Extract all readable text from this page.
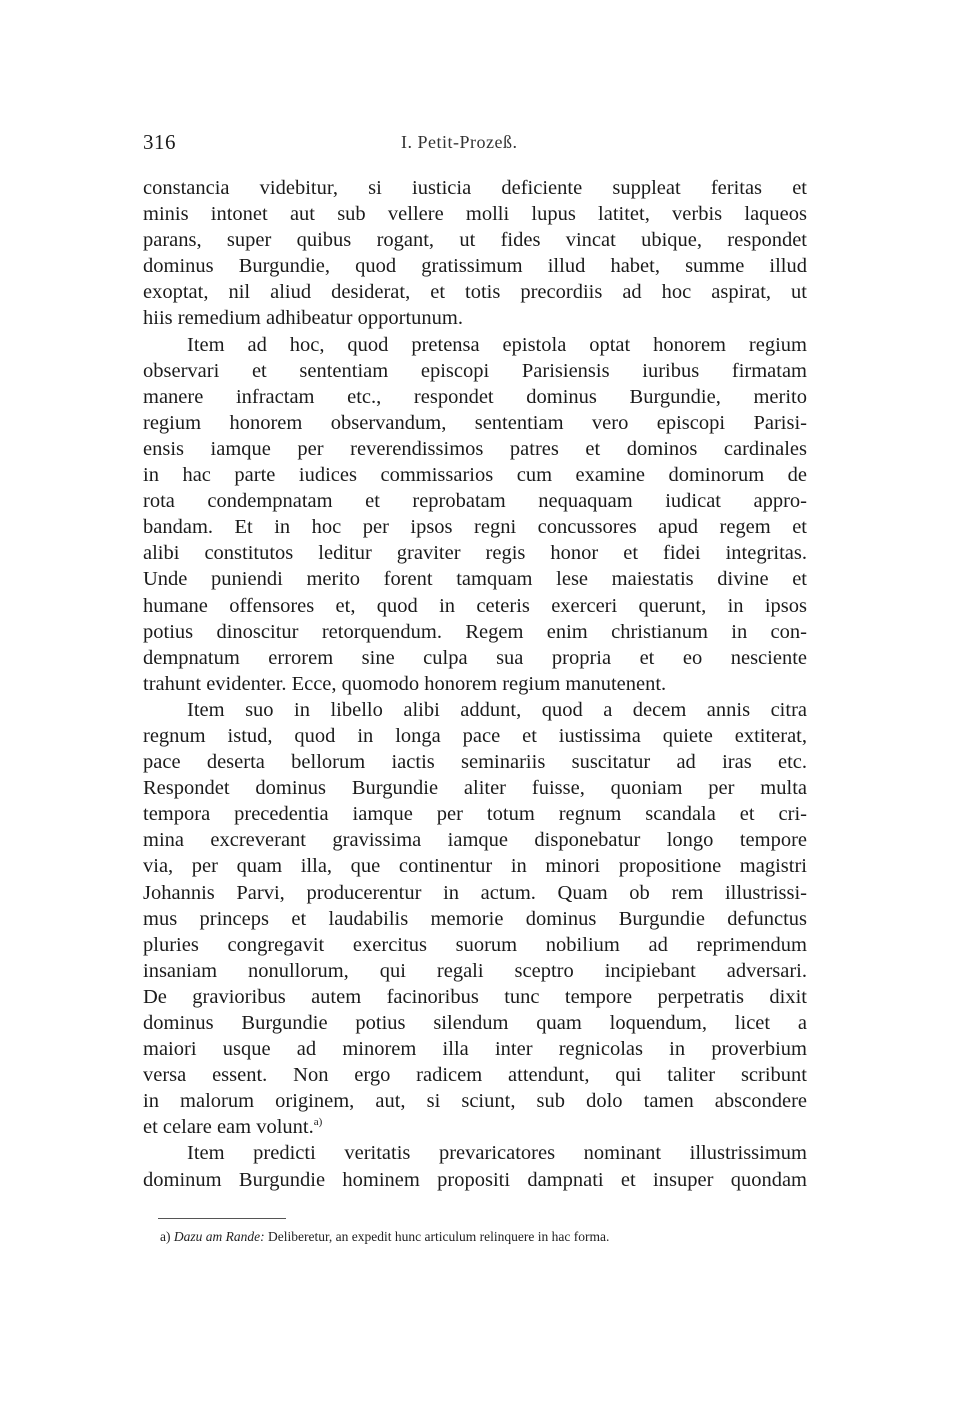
316	I. Petit-Prozeß.
constancia videbitur, si iusticia deficiente suppleat feritas et
minis intonet aut sub vellere molli lupus latitet, verbis laqueos
parans, super quibus rogant, ut fides vincat ubique, respondet
dominus Burgundie, quod gratissimum illud habet, summe illud
exoptat, nil aliud desiderat, et totis precordiis ad hoc aspirat, ut
hiis remedium adhibeatur opportunum.
Item ad hoc, quod pretensa epistola optat honorem regium
observari et sententiam episcopi Parisiensis iuribus firmatam
manere infractam etc., respondet dominus Burgundie, merito
regium honorem observandum, sententiam vero episcopi Parisi-
ensis iamque per reverendissimos patres et dominos cardinales
in hac parte iudices commissarios cum examine dominorum de
rota condempnatam et reprobatam nequaquam iudicat appro-
bandam. Et in hoc per ipsos regni concussores apud regem et
alibi constitutos leditur graviter regis honor et fidei integritas.
Unde puniendi merito forent tamquam lese maiestatis divine et
humane offensores et, quod in ceteris exerceri querunt, in ipsos
potius dinoscitur retorquendum. Regem enim christianum in con-
dempnatum errorem sine culpa sua propria et eo nesciente
trahunt evidenter. Ecce, quomodo honorem regium manutenent.
Item suo in libello alibi addunt, quod a decem annis citra
regnum istud, quod in longa pace et iustissima quiete extiterat,
pace deserta bellorum iactis seminariis suscitatur ad iras etc.
Respondet dominus Burgundie aliter fuisse, quoniam per multa
tempora precedentia iamque per totum regnum scandala et cri-
mina excreverant gravissima iamque disponebatur longo tempore
via, per quam illa, que continentur in minori propositione magistri
Johannis Parvi, producerentur in actum. Quam ob rem illustrissi-
mus princeps et laudabilis memorie dominus Burgundie defunctus
pluries congregavit exercitus suorum nobilium ad reprimendum
insaniam nonullorum, qui regali sceptro incipiebant adversari.
De gravioribus autem facinoribus tunc tempore perpetratis dixit
dominus Burgundie potius silendum quam loquendum, licet a
maiori usque ad minorem illa inter regnicolas in proverbium
versa essent. Non ergo radicem attendunt, qui taliter scribunt
in malorum originem, aut, si sciunt, sub dolo tamen abscondere
et celare eam volunt.$^{a)}$
Item predicti veritatis prevaricatores nominant illustrissimum
dominum Burgundie hominem propositi dampnati et insuper quondam
a) Dazu am Rande: Deliberetur, an expedit hunc articulum relinquere in hac forma.
